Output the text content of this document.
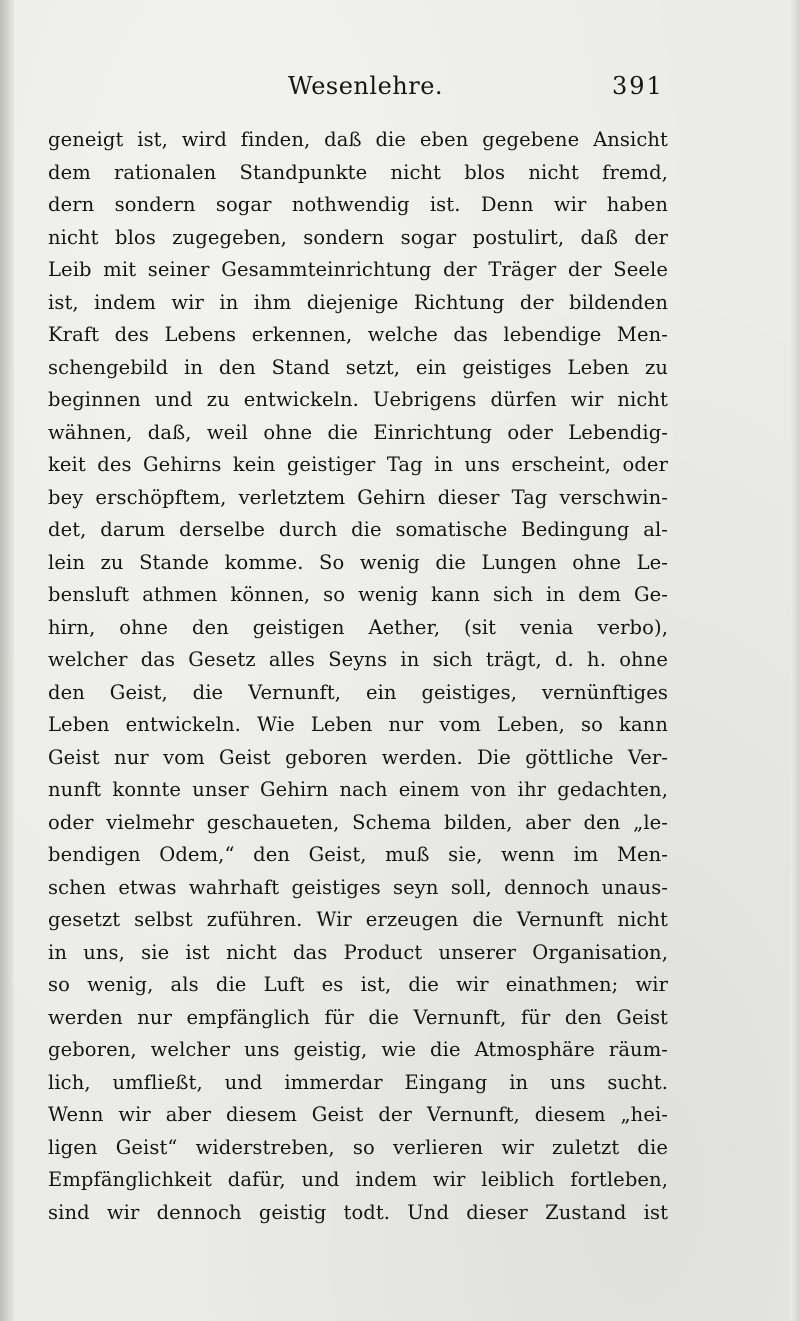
Wesenlehre.	391
geneigt ist, wird finden, daß die eben gegebene Ansicht
dem rationalen Standpunkte nicht blos nicht fremd,
dern sondern sogar nothwendig ist. Denn wir haben
nicht blos zugegeben, sondern sogar postulirt, daß der
Leib mit seiner Gesammteinrichtung der Träger der Seele
ist, indem wir in ihm diejenige Richtung der bildenden
Kraft des Lebens erkennen, welche das lebendige Men-
schengebild in den Stand setzt, ein geistiges Leben zu
beginnen und zu entwickeln. Uebrigens dürfen wir nicht
wähnen, daß, weil ohne die Einrichtung oder Lebendig-
keit des Gehirns kein geistiger Tag in uns erscheint, oder
bey erschöpftem, verletztem Gehirn dieser Tag verschwin-
det, darum derselbe durch die somatische Bedingung al-
lein zu Stande komme. So wenig die Lungen ohne Le-
bensluft athmen können, so wenig kann sich in dem Ge-
hirn, ohne den geistigen Aether, (sit venia verbo),
welcher das Gesetz alles Seyns in sich trägt, d. h. ohne
den Geist, die Vernunft, ein geistiges, vernünftiges
Leben entwickeln. Wie Leben nur vom Leben, so kann
Geist nur vom Geist geboren werden. Die göttliche Ver-
nunft konnte unser Gehirn nach einem von ihr gedachten,
oder vielmehr geschaueten, Schema bilden, aber den „le-
bendigen Odem,“ den Geist, muß sie, wenn im Men-
schen etwas wahrhaft geistiges seyn soll, dennoch unaus-
gesetzt selbst zuführen. Wir erzeugen die Vernunft nicht
in uns, sie ist nicht das Product unserer Organisation,
so wenig, als die Luft es ist, die wir einathmen; wir
werden nur empfänglich für die Vernunft, für den Geist
geboren, welcher uns geistig, wie die Atmosphäre räum-
lich, umfließt, und immerdar Eingang in uns sucht.
Wenn wir aber diesem Geist der Vernunft, diesem „hei-
ligen Geist“ widerstreben, so verlieren wir zuletzt die
Empfänglichkeit dafür, und indem wir leiblich fortleben,
sind wir dennoch geistig todt. Und dieser Zustand ist
